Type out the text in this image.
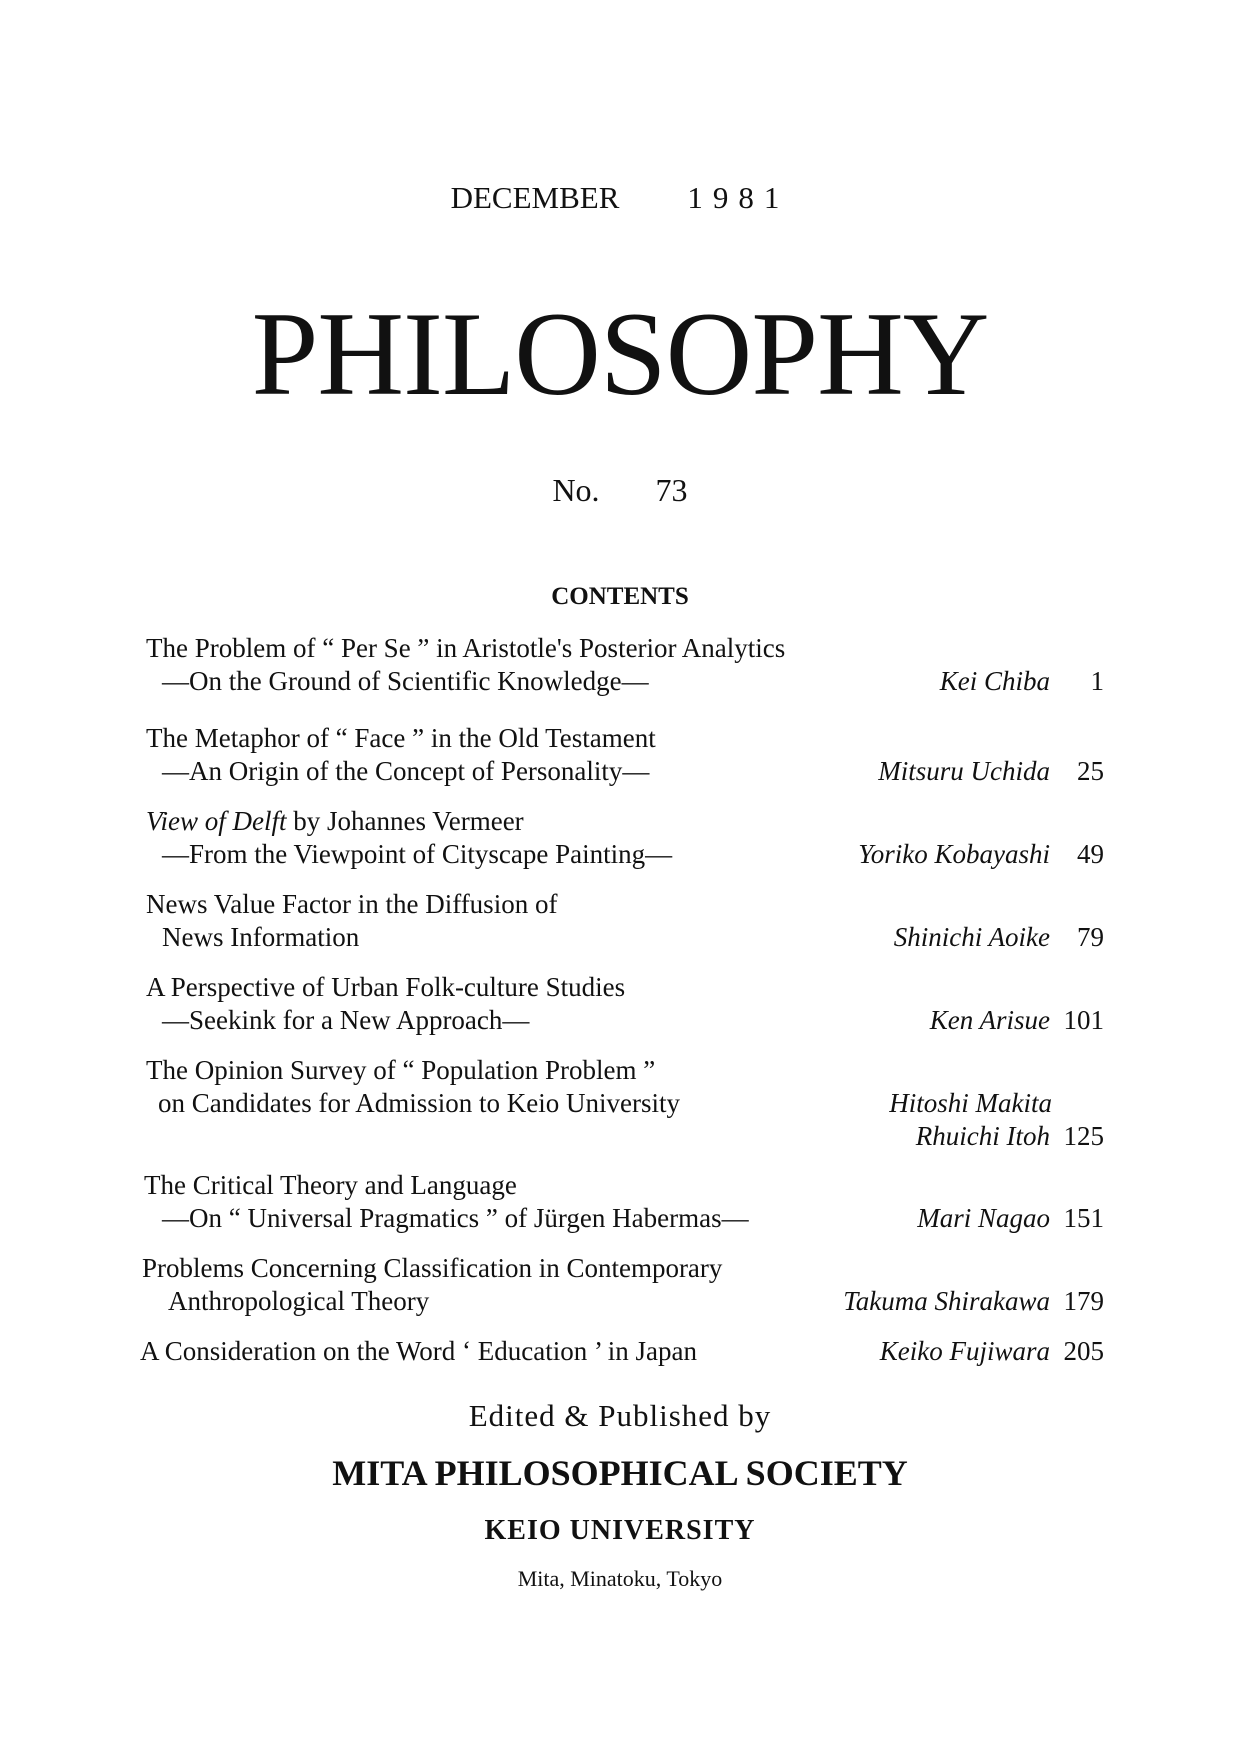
DECEMBER 1981
PHILOSOPHY
No. 73
CONTENTS
The Problem of “ Per Se ” in Aristotle's Posterior Analytics
—On the Ground of Scientific Knowledge—	Kei Chiba	1
The Metaphor of “ Face ” in the Old Testament
—An Origin of the Concept of Personality—	Mitsuru Uchida	25
View of Delft by Johannes Vermeer
—From the Viewpoint of Cityscape Painting—	Yoriko Kobayashi	49
News Value Factor in the Diffusion of
News Information	Shinichi Aoike	79
A Perspective of Urban Folk-culture Studies
—Seekink for a New Approach—	Ken Arisue 101
The Opinion Survey of “ Population Problem ”
on Candidates for Admission to Keio University	Hitoshi Makita
Rhuichi Itoh 125
The Critical Theory and Language
—On “ Universal Pragmatics ” of Jürgen Habermas—	Mari Nagao 151
Problems Concerning Classification in Contemporary
Anthropological Theory	Takuma Shirakawa 179
A Consideration on the Word ‘ Education ’ in Japan	Keiko Fujiwara 205
Edited & Published by
MITA PHILOSOPHICAL SOCIETY
KEIO UNIVERSITY
Mita, Minatoku, Tokyo
